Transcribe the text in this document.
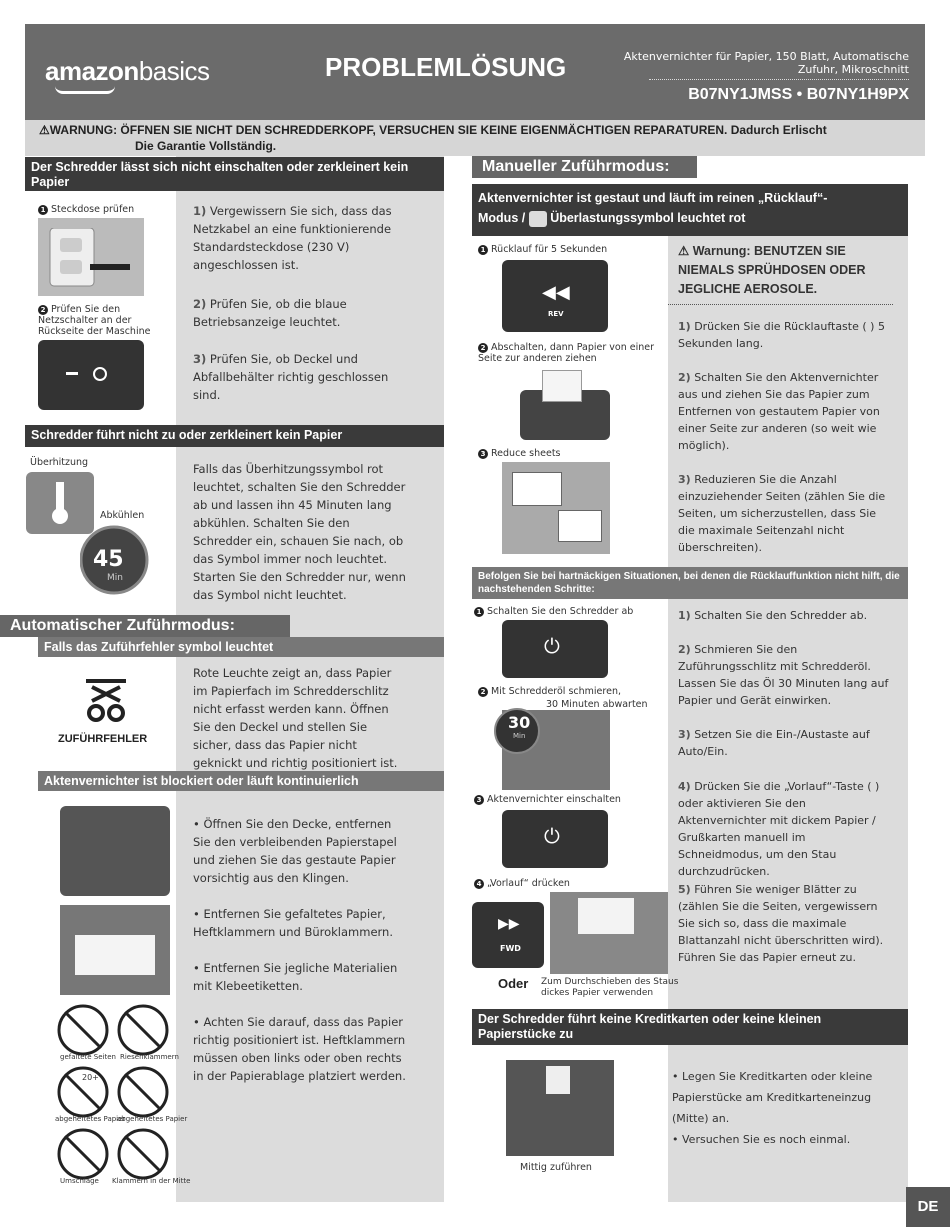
amazonbasics	PROBLEMLÖSUNG	Aktenvernichter für Papier, 150 Blatt, Automatische Zufuhr, Mikroschnitt
B07NY1JMSS • B07NY1H9PX
⚠WARNUNG: ÖFFNEN SIE NICHT DEN SCHREDDERKOPF, VERSUCHEN SIE KEINE EIGENMÄCHTIGEN REPARATUREN. Dadurch Erlischt
Die Garantie Vollständig.
Der Schredder lässt sich nicht einschalten oder zerkleinert kein Papier
1 Steckdose prüfen
2 Prüfen Sie den Netzschalter an der Rückseite der Maschine
1) Vergewissern Sie sich, dass das Netzkabel an eine funktionierende Standardsteckdose (230 V) angeschlossen ist.
2) Prüfen Sie, ob die blaue Betriebsanzeige leuchtet.
3) Prüfen Sie, ob Deckel und Abfallbehälter richtig geschlossen sind.
Schredder führt nicht zu oder zerkleinert kein Papier
Überhitzung
Abkühlen
45
Min
Falls das Überhitzungssymbol rot leuchtet, schalten Sie den Schredder ab und lassen ihn 45 Minuten lang abkühlen. Schalten Sie den Schredder ein, schauen Sie nach, ob das Symbol immer noch leuchtet. Starten Sie den Schredder nur, wenn das Symbol nicht leuchtet.
Automatischer Zuführmodus:
Falls das Zuführfehler symbol leuchtet
ZUFÜHRFEHLER
Rote Leuchte zeigt an, dass Papier im Papierfach im Schredderschlitz nicht erfasst werden kann. Öffnen Sie den Deckel und stellen Sie sicher, dass das Papier nicht geknickt und richtig positioniert ist.
Aktenvernichter ist blockiert oder läuft kontinuierlich
gefaltete Seiten Riesenklammern
20+
abgeheftetes Papier
abgeheftetes Papier
Umschläge Klammern in der Mitte
• Öffnen Sie den Decke, entfernen Sie den verbleibenden Papierstapel und ziehen Sie das gestaute Papier vorsichtig aus den Klingen.
• Entfernen Sie gefaltetes Papier, Heftklammern und Büroklammern.
• Entfernen Sie jegliche Materialien mit Klebeetiketten.
• Achten Sie darauf, dass das Papier richtig positioniert ist. Heftklammern müssen oben links oder oben rechts in der Papierablage platziert werden.
Manueller Zuführmodus:
Aktenvernichter ist gestaut und läuft im reinen „Rücklauf“-
Modus / Überlastungssymbol leuchtet rot
1 Rücklauf für 5 Sekunden
◀◀
REV
2 Abschalten, dann Papier von einer Seite zur anderen ziehen
3 Reduce sheets
⚠ Warnung: BENUTZEN SIE NIEMALS SPRÜHDOSEN ODER JEGLICHE AEROSOLE.
1) Drücken Sie die Rücklauftaste ( ) 5 Sekunden lang.
2) Schalten Sie den Aktenvernichter aus und ziehen Sie das Papier zum Entfernen von gestautem Papier von einer Seite zur anderen (so weit wie möglich).
3) Reduzieren Sie die Anzahl einzuziehender Seiten (zählen Sie die Seiten, um sicherzustellen, dass Sie die maximale Seitenzahl nicht überschreiten).
Befolgen Sie bei hartnäckigen Situationen, bei denen die Rücklauffunktion nicht hilft, die nachstehenden Schritte:
1 Schalten Sie den Schredder ab
⏻
2 Mit Schredderöl schmieren,
30 Minuten abwarten
30
Min
3 Aktenvernichter einschalten
⏻
4 „Vorlauf“ drücken
▶▶
FWD
Oder Zum Durchschieben des Staus dickes Papier verwenden
1) Schalten Sie den Schredder ab.
2) Schmieren Sie den Zuführungsschlitz mit Schredderöl. Lassen Sie das Öl 30 Minuten lang auf Papier und Gerät einwirken.
3) Setzen Sie die Ein-/Austaste auf Auto/Ein.
4) Drücken Sie die „Vorlauf“-Taste ( ) oder aktivieren Sie den Aktenvernichter mit dickem Papier / Grußkarten manuell im Schneidmodus, um den Stau durchzudrücken.
5) Führen Sie weniger Blätter zu (zählen Sie die Seiten, vergewissern Sie sich so, dass die maximale Blattanzahl nicht überschritten wird). Führen Sie das Papier erneut zu.
Der Schredder führt keine Kreditkarten oder keine kleinen Papierstücke zu
Mittig zuführen
• Legen Sie Kreditkarten oder kleine Papierstücke am Kreditkarteneinzug (Mitte) an.
• Versuchen Sie es noch einmal.
DE
